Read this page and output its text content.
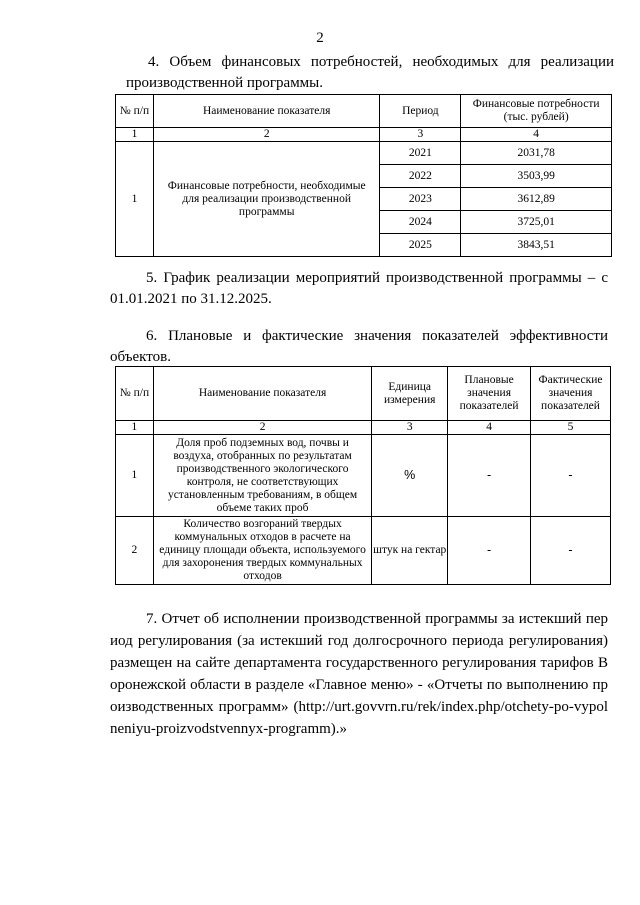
2
4. Объем финансовых потребностей, необходимых для реализации производственной программы.
№ п/п	Наименование показателя	Период	Финансовые потребности (тыс. рублей)
1	2	3	4
1	Финансовые потребности, необходимые для реализации производственной программы	2021	2031,78
		2022	3503,99
		2023	3612,89
		2024	3725,01
		2025	3843,51
5. График реализации мероприятий производственной программы – с 01.01.2021 по 31.12.2025.
6. Плановые и фактические значения показателей эффективности объектов.
№ п/п	Наименование показателя	Единица измерения	Плановые значения показателей	Фактические значения показателей
1	2	3	4	5
1	Доля проб подземных вод, почвы и воздуха, отобранных по результатам производственного экологического контроля, не соответствующих установленным требованиям, в общем объеме таких проб	%	-	-
2	Количество возгораний твердых коммунальных отходов в расчете на единицу площади объекта, используемого для захоронения твердых коммунальных отходов	штук на гектар	-	-
7. Отчет об исполнении производственной программы за истекший период регулирования (за истекший год долгосрочного периода регулирования) размещен на сайте департамента государственного регулирования тарифов Воронежской области в разделе «Главное меню» - «Отчеты по выполнению производственных программ» (http://urt.govvrn.ru/rek/index.php/otchety-po-vypolneniyu-proizvodstvennyx-programm).»
